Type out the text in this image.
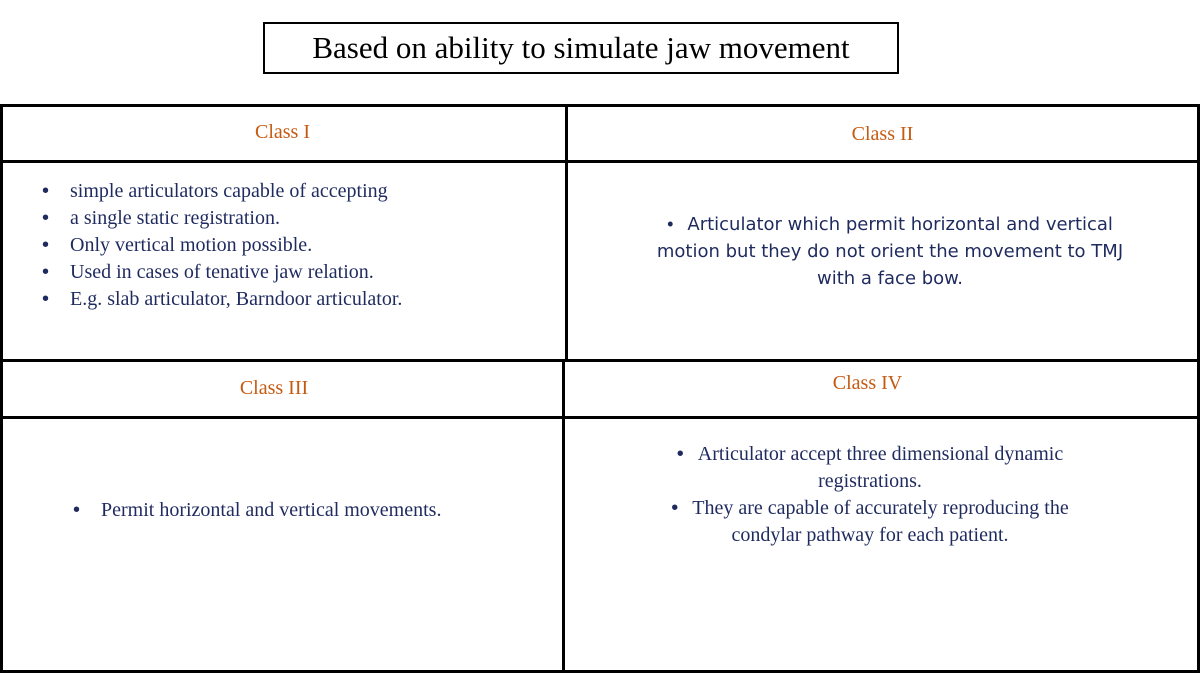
Based on ability to simulate jaw movement
Class I
• simple articulators capable of accepting
• a single static registration.
• Only vertical motion possible.
• Used in cases of tenative jaw relation.
• E.g. slab articulator, Barndoor articulator.
Class II
• Articulator which permit horizontal and vertical motion but they do not orient the movement to TMJ with a face bow.
Class III
• Permit horizontal and vertical movements.
Class IV
• Articulator accept three dimensional dynamic registrations.
• They are capable of accurately reproducing the condylar pathway for each patient.
